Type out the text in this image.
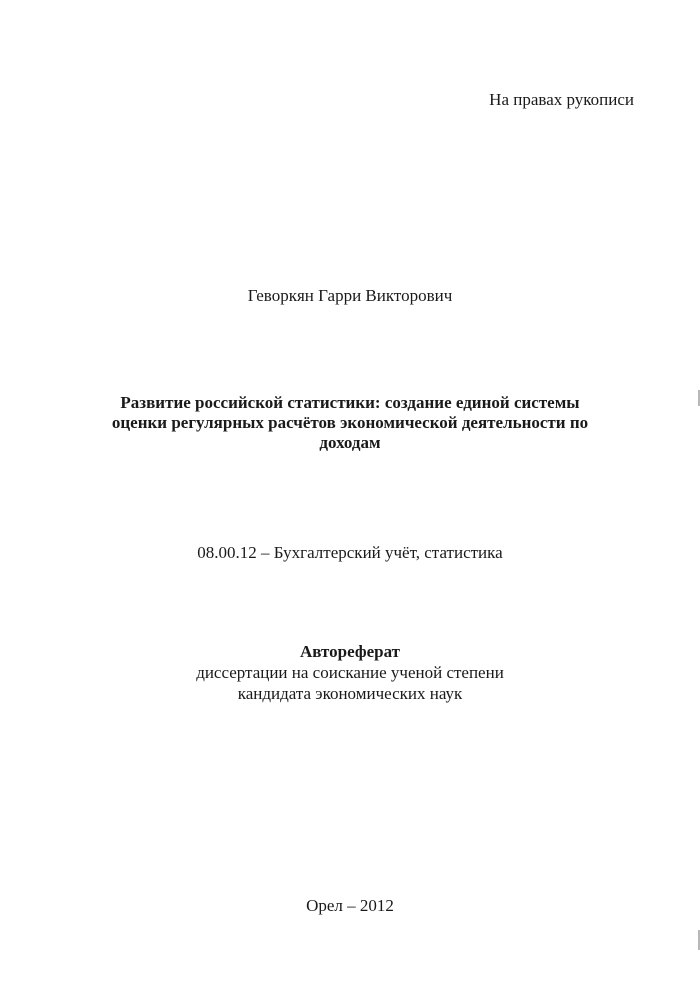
На правах рукописи
Геворкян Гарри Викторович
Развитие российской статистики: создание единой системы
оценки регулярных расчётов экономической деятельности по
доходам
08.00.12 – Бухгалтерский учёт, статистика
Автореферат
диссертации на соискание ученой степени
кандидата экономических наук
Орел – 2012
